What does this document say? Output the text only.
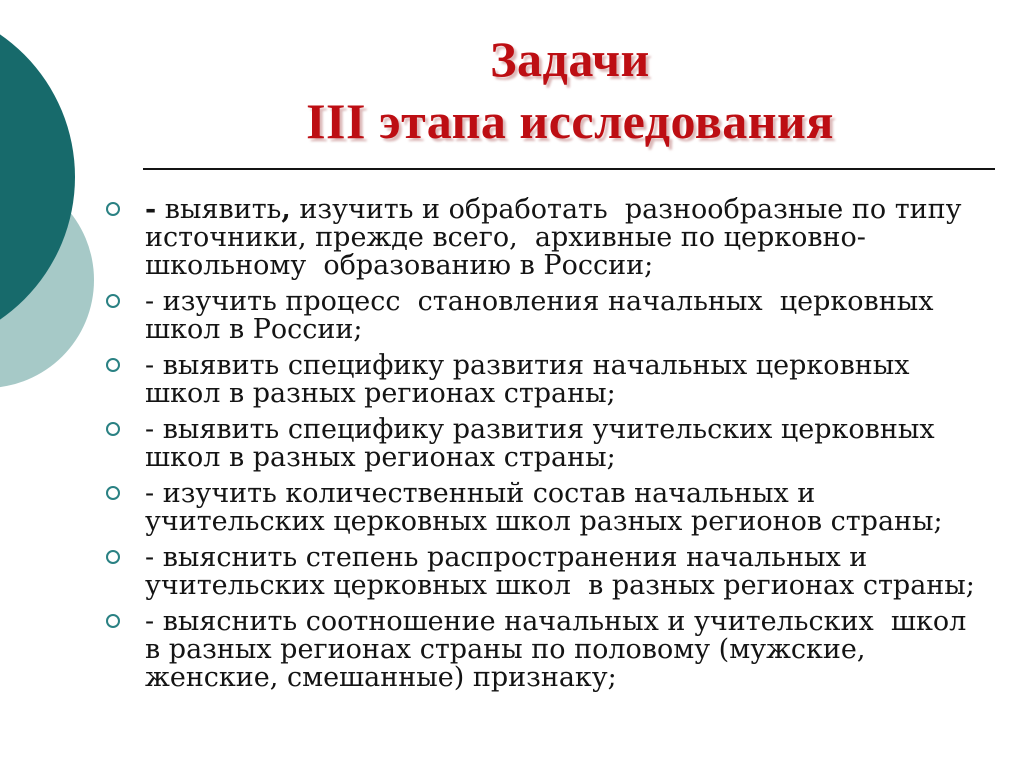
Задачи
III этапа исследования
- выявить, изучить и обработать  разнообразные по типу
источники, прежде всего,  архивные по церковно-
школьному  образованию в России;
- изучить процесс  становления начальных  церковных
школ в России;
- выявить специфику развития начальных церковных
школ в разных регионах страны;
- выявить специфику развития учительских церковных
школ в разных регионах страны;
- изучить количественный состав начальных и
учительских церковных школ разных регионов страны;
- выяснить степень распространения начальных и
учительских церковных школ  в разных регионах страны;
- выяснить соотношение начальных и учительских  школ
в разных регионах страны по половому (мужские,
женские, смешанные) признаку;
